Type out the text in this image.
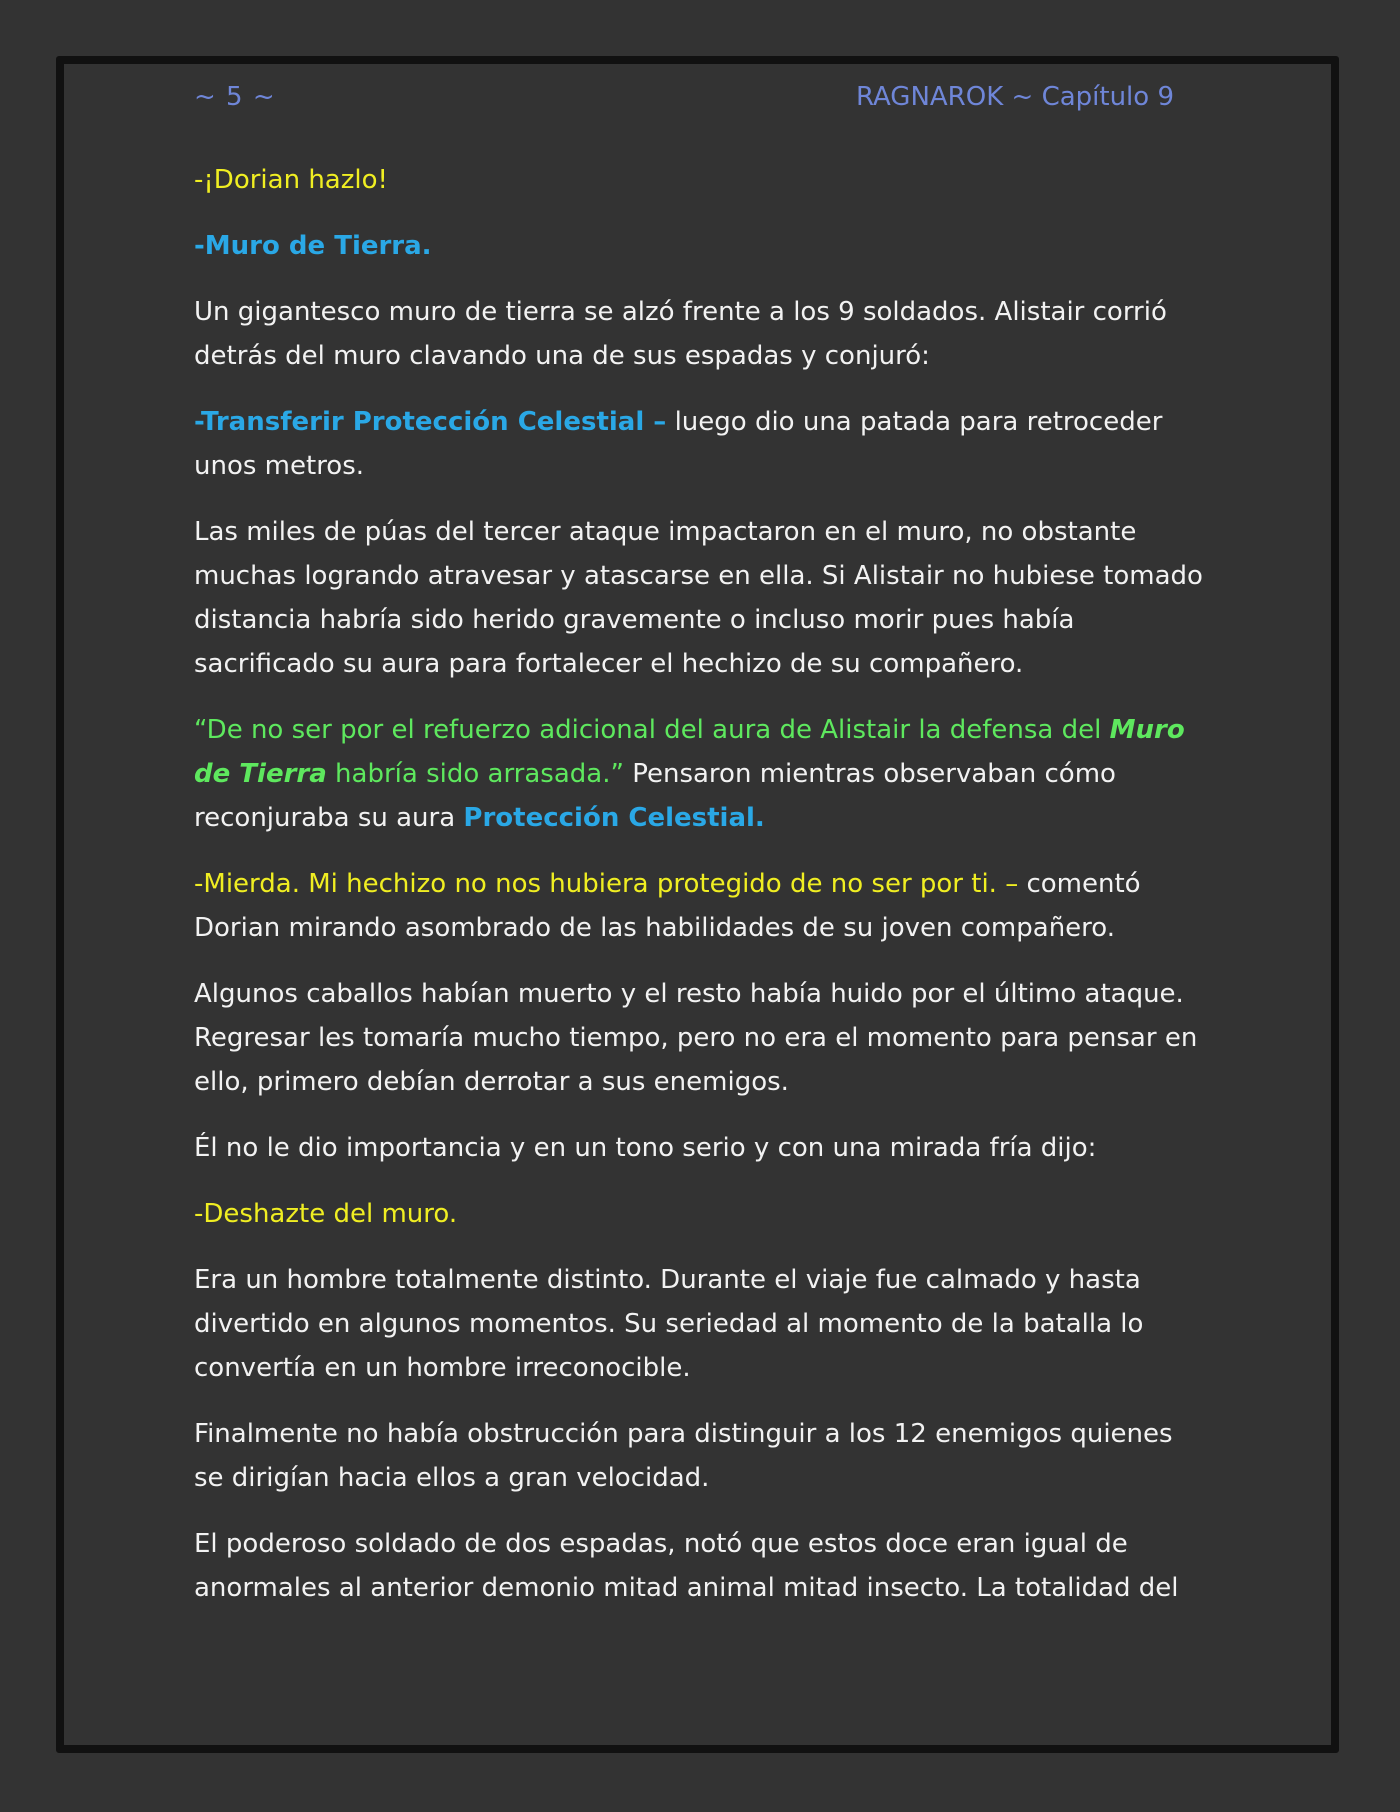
~ 5 ~	RAGNAROK ~ Capítulo 9

-¡Dorian hazlo!

-Muro de Tierra.

Un gigantesco muro de tierra se alzó frente a los 9 soldados. Alistair corrió detrás del muro clavando una de sus espadas y conjuró:

-Transferir Protección Celestial – luego dio una patada para retroceder unos metros.

Las miles de púas del tercer ataque impactaron en el muro, no obstante muchas logrando atravesar y atascarse en ella. Si Alistair no hubiese tomado distancia habría sido herido gravemente o incluso morir pues había sacrificado su aura para fortalecer el hechizo de su compañero.

“De no ser por el refuerzo adicional del aura de Alistair la defensa del Muro de Tierra habría sido arrasada.” Pensaron mientras observaban cómo reconjuraba su aura Protección Celestial.

-Mierda. Mi hechizo no nos hubiera protegido de no ser por ti. – comentó Dorian mirando asombrado de las habilidades de su joven compañero.

Algunos caballos habían muerto y el resto había huido por el último ataque. Regresar les tomaría mucho tiempo, pero no era el momento para pensar en ello, primero debían derrotar a sus enemigos.

Él no le dio importancia y en un tono serio y con una mirada fría dijo:

-Deshazte del muro.

Era un hombre totalmente distinto. Durante el viaje fue calmado y hasta divertido en algunos momentos. Su seriedad al momento de la batalla lo convertía en un hombre irreconocible.

Finalmente no había obstrucción para distinguir a los 12 enemigos quienes se dirigían hacia ellos a gran velocidad.

El poderoso soldado de dos espadas, notó que estos doce eran igual de anormales al anterior demonio mitad animal mitad insecto. La totalidad del
